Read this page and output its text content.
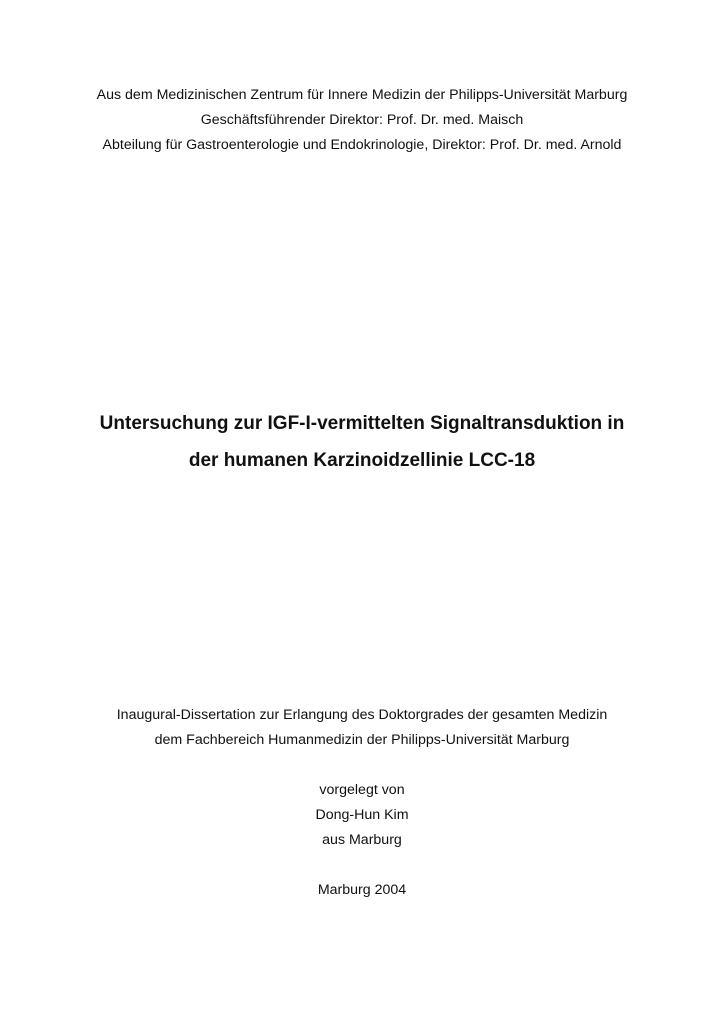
Aus dem Medizinischen Zentrum für Innere Medizin der Philipps-Universität Marburg
Geschäftsführender Direktor: Prof. Dr. med. Maisch
Abteilung für Gastroenterologie und Endokrinologie, Direktor: Prof. Dr. med. Arnold
Untersuchung zur IGF-I-vermittelten Signaltransduktion in
der humanen Karzinoidzellinie LCC-18
Inaugural-Dissertation zur Erlangung des Doktorgrades der gesamten Medizin
dem Fachbereich Humanmedizin der Philipps-Universität Marburg
vorgelegt von
Dong-Hun Kim
aus Marburg
Marburg 2004
